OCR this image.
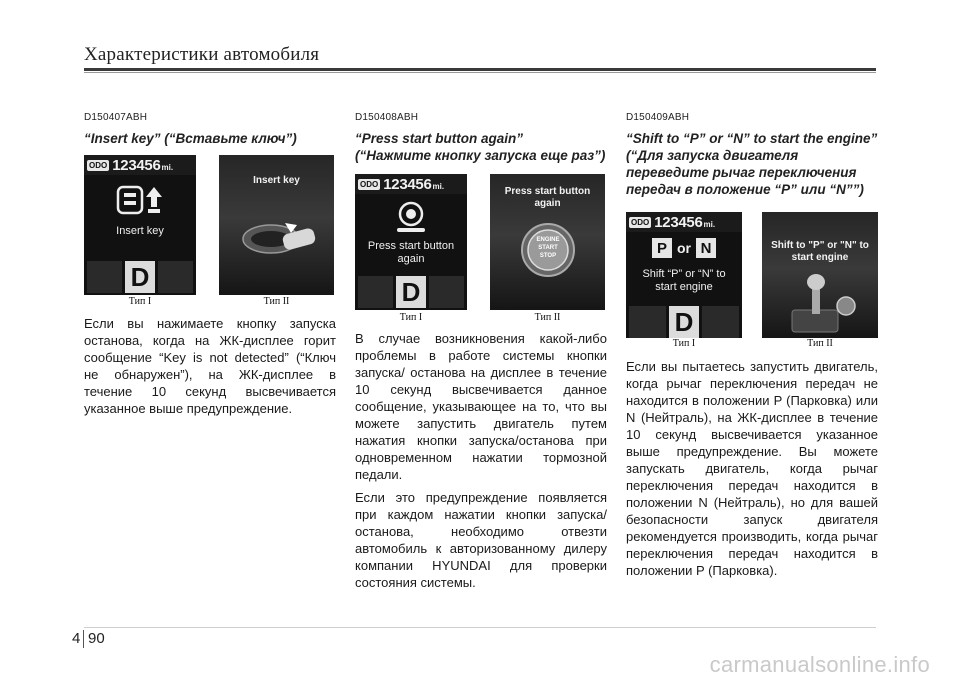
Характеристики автомобиля
D150407ABH
“Insert key” (“Вставьте ключ”)
ODO 123456 mi.
Insert key
D
Insert key
Тип I	Тип II

Если вы нажимаете кнопку запуска останова, когда на ЖК-дисплее горит сообщение “Key is not detected” (“Ключ не обнаружен”), на ЖК-дисплее в течение 10 секунд высвечивается указанное выше предупреждение.

D150408ABH
“Press start button again”
(“Нажмите кнопку запуска еще раз”)
ODO 123456 mi.
Press start button again
D
Press start button again
ENGINE START STOP
Тип I	Тип II

В случае возникновения какой-либо проблемы в работе системы кнопки запуска/ останова на дисплее в течение 10 секунд высвечивается данное сообщение, указывающее на то, что вы можете запустить двигатель путем нажатия кнопки запуска/останова при одновременном нажатии тормозной педали.

Если это предупреждение появляется при каждом нажатии кнопки запуска/останова, необходимо отвезти автомобиль к авторизованному дилеру компании HYUNDAI для проверки состояния системы.

D150409ABH
“Shift to “P” or “N” to start the engine” (“Для запуска двигателя переведите рычаг переключения передач в положение “P” или “N””)
ODO 123456 mi.
P or N
Shift “P” or “N” to start engine
D
Shift to "P" or "N" to start engine
Тип I	Тип II

Если вы пытаетесь запустить двигатель, когда рычаг переключения передач не находится в положении P (Парковка) или N (Нейтраль), на ЖК-дисплее в течение 10 секунд высвечивается указанное выше предупреждение. Вы можете запускать двигатель, когда рычаг переключения передач находится в положении N (Нейтраль), но для вашей безопасности запуск двигателя рекомендуется производить, когда рычаг переключения передач находится в положении P (Парковка).

4 90
carmanualsonline.info
